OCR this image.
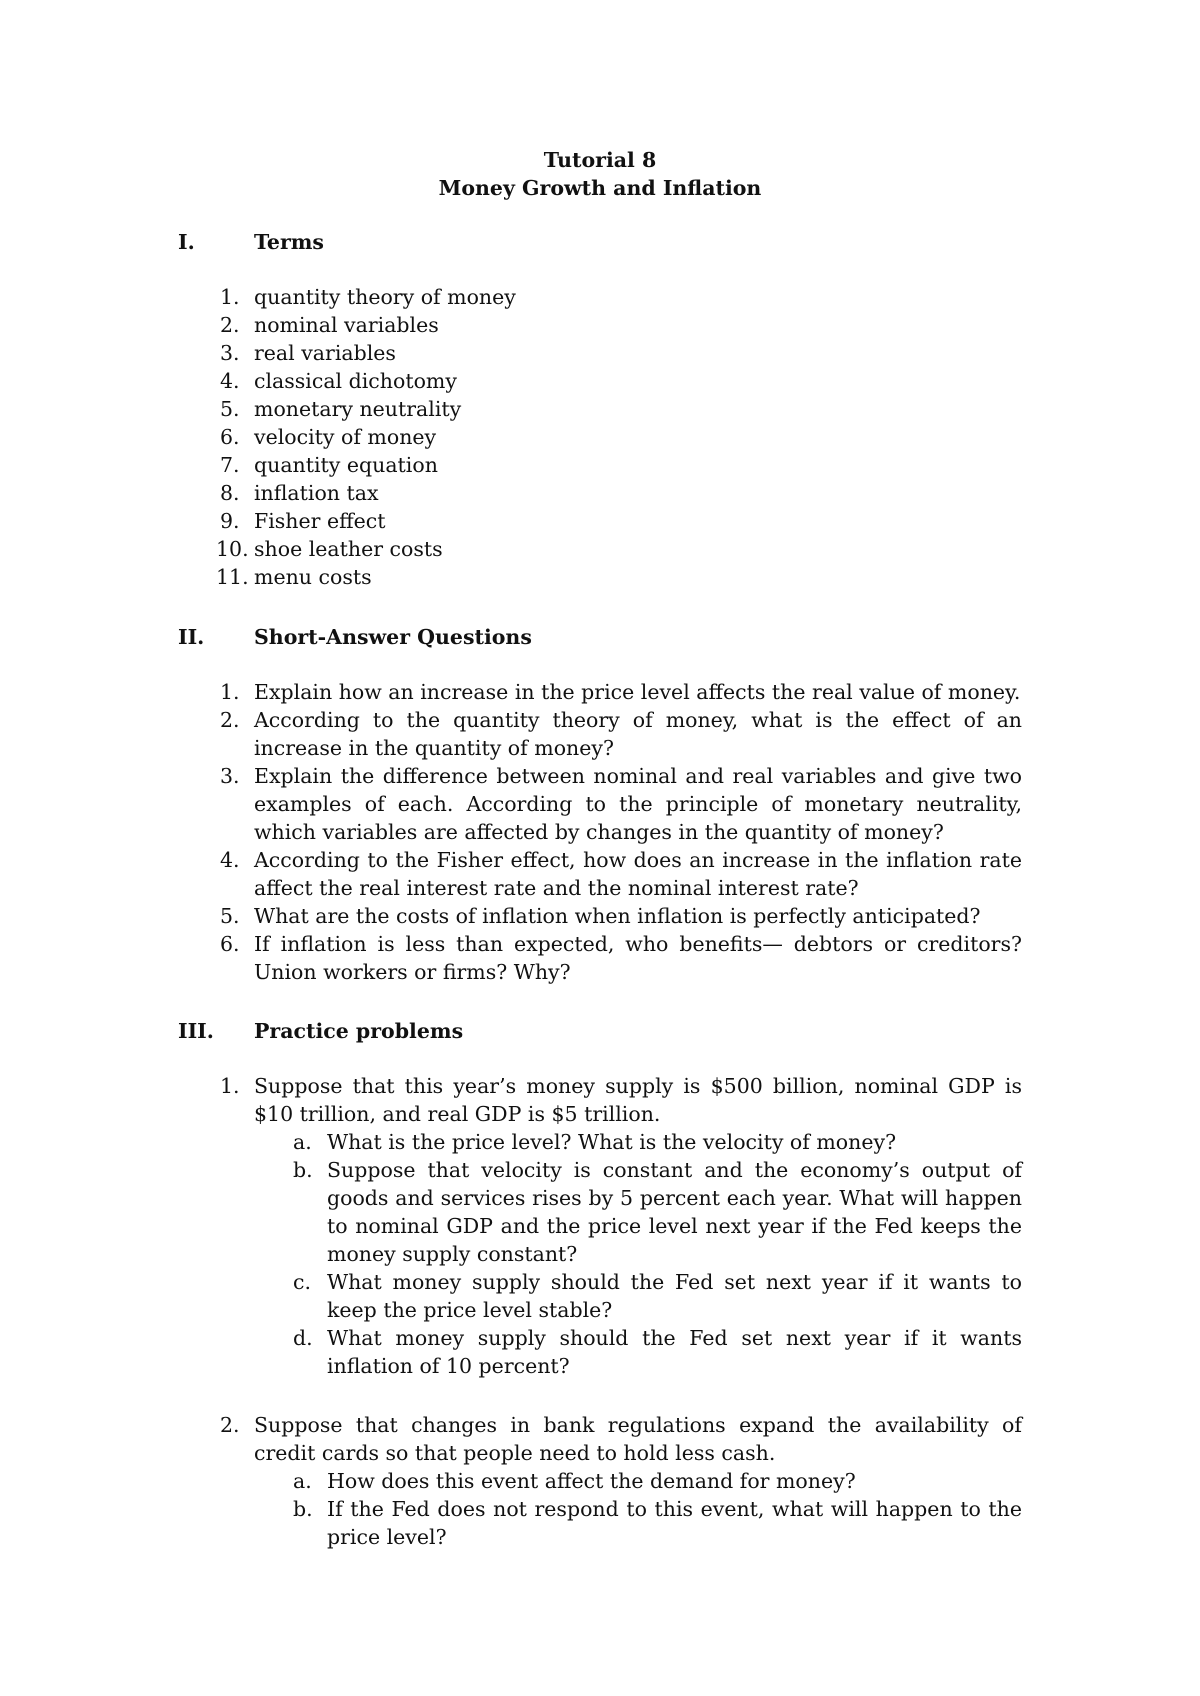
Tutorial 8
Money Growth and Inflation
I.	Terms
1. quantity theory of money
2. nominal variables
3. real variables
4. classical dichotomy
5. monetary neutrality
6. velocity of money
7. quantity equation
8. inflation tax
9. Fisher effect
10. shoe leather costs
11. menu costs
II. Short-Answer Questions
1. Explain how an increase in the price level affects the real value of money.
2. According to the quantity theory of money, what is the effect of an increase in the quantity of money?
3. Explain the difference between nominal and real variables and give two examples of each. According to the principle of monetary neutrality, which variables are affected by changes in the quantity of money?
4. According to the Fisher effect, how does an increase in the inflation rate affect the real interest rate and the nominal interest rate?
5. What are the costs of inflation when inflation is perfectly anticipated?
6. If inflation is less than expected, who benefits— debtors or creditors? Union workers or firms? Why?
III. Practice problems
1. Suppose that this year’s money supply is $500 billion, nominal GDP is $10 trillion, and real GDP is $5 trillion.
a. What is the price level? What is the velocity of money?
b. Suppose that velocity is constant and the economy’s output of goods and services rises by 5 percent each year. What will happen to nominal GDP and the price level next year if the Fed keeps the money supply constant?
c. What money supply should the Fed set next year if it wants to keep the price level stable?
d. What money supply should the Fed set next year if it wants inflation of 10 percent?
2. Suppose that changes in bank regulations expand the availability of credit cards so that people need to hold less cash.
a. How does this event affect the demand for money?
b. If the Fed does not respond to this event, what will happen to the price level?
